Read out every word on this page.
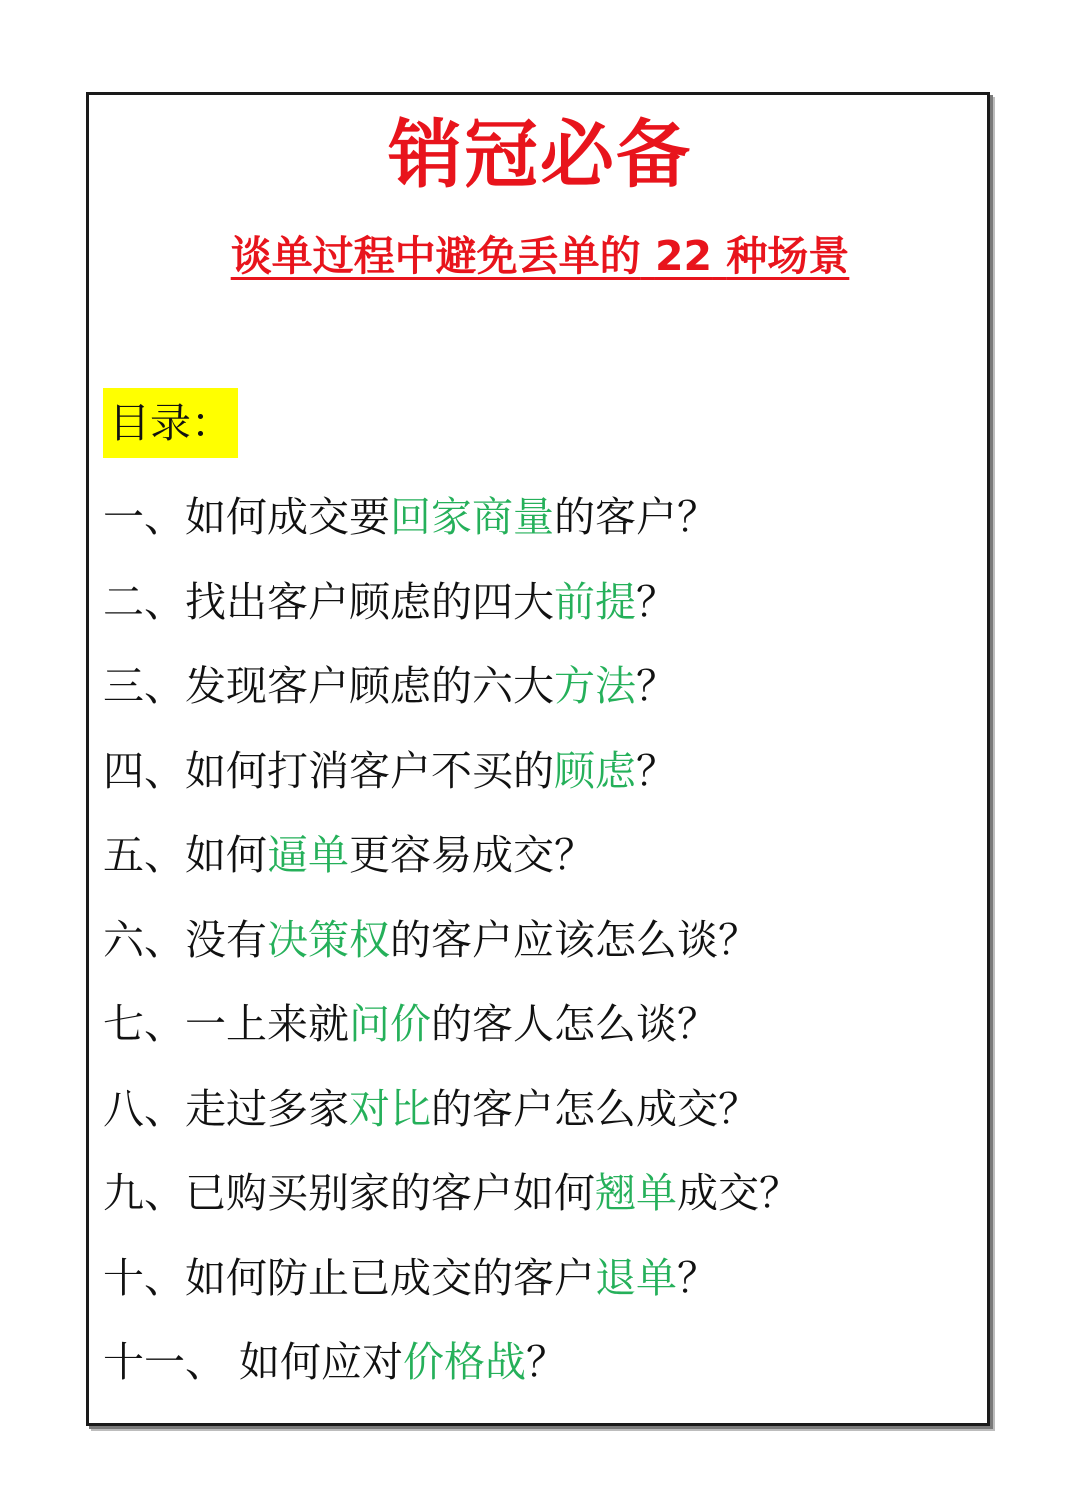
销冠必备

谈单过程中避免丢单的 22 种场景

目录：
一、如何成交要回家商量的客户？
二、找出客户顾虑的四大前提？
三、发现客户顾虑的六大方法？
四、如何打消客户不买的顾虑？
五、如何逼单更容易成交？
六、没有决策权的客户应该怎么谈？
七、一上来就问价的客人怎么谈？
八、走过多家对比的客户怎么成交？
九、已购买别家的客户如何翘单成交？
十、如何防止已成交的客户退单？
十一、 如何应对价格战？
